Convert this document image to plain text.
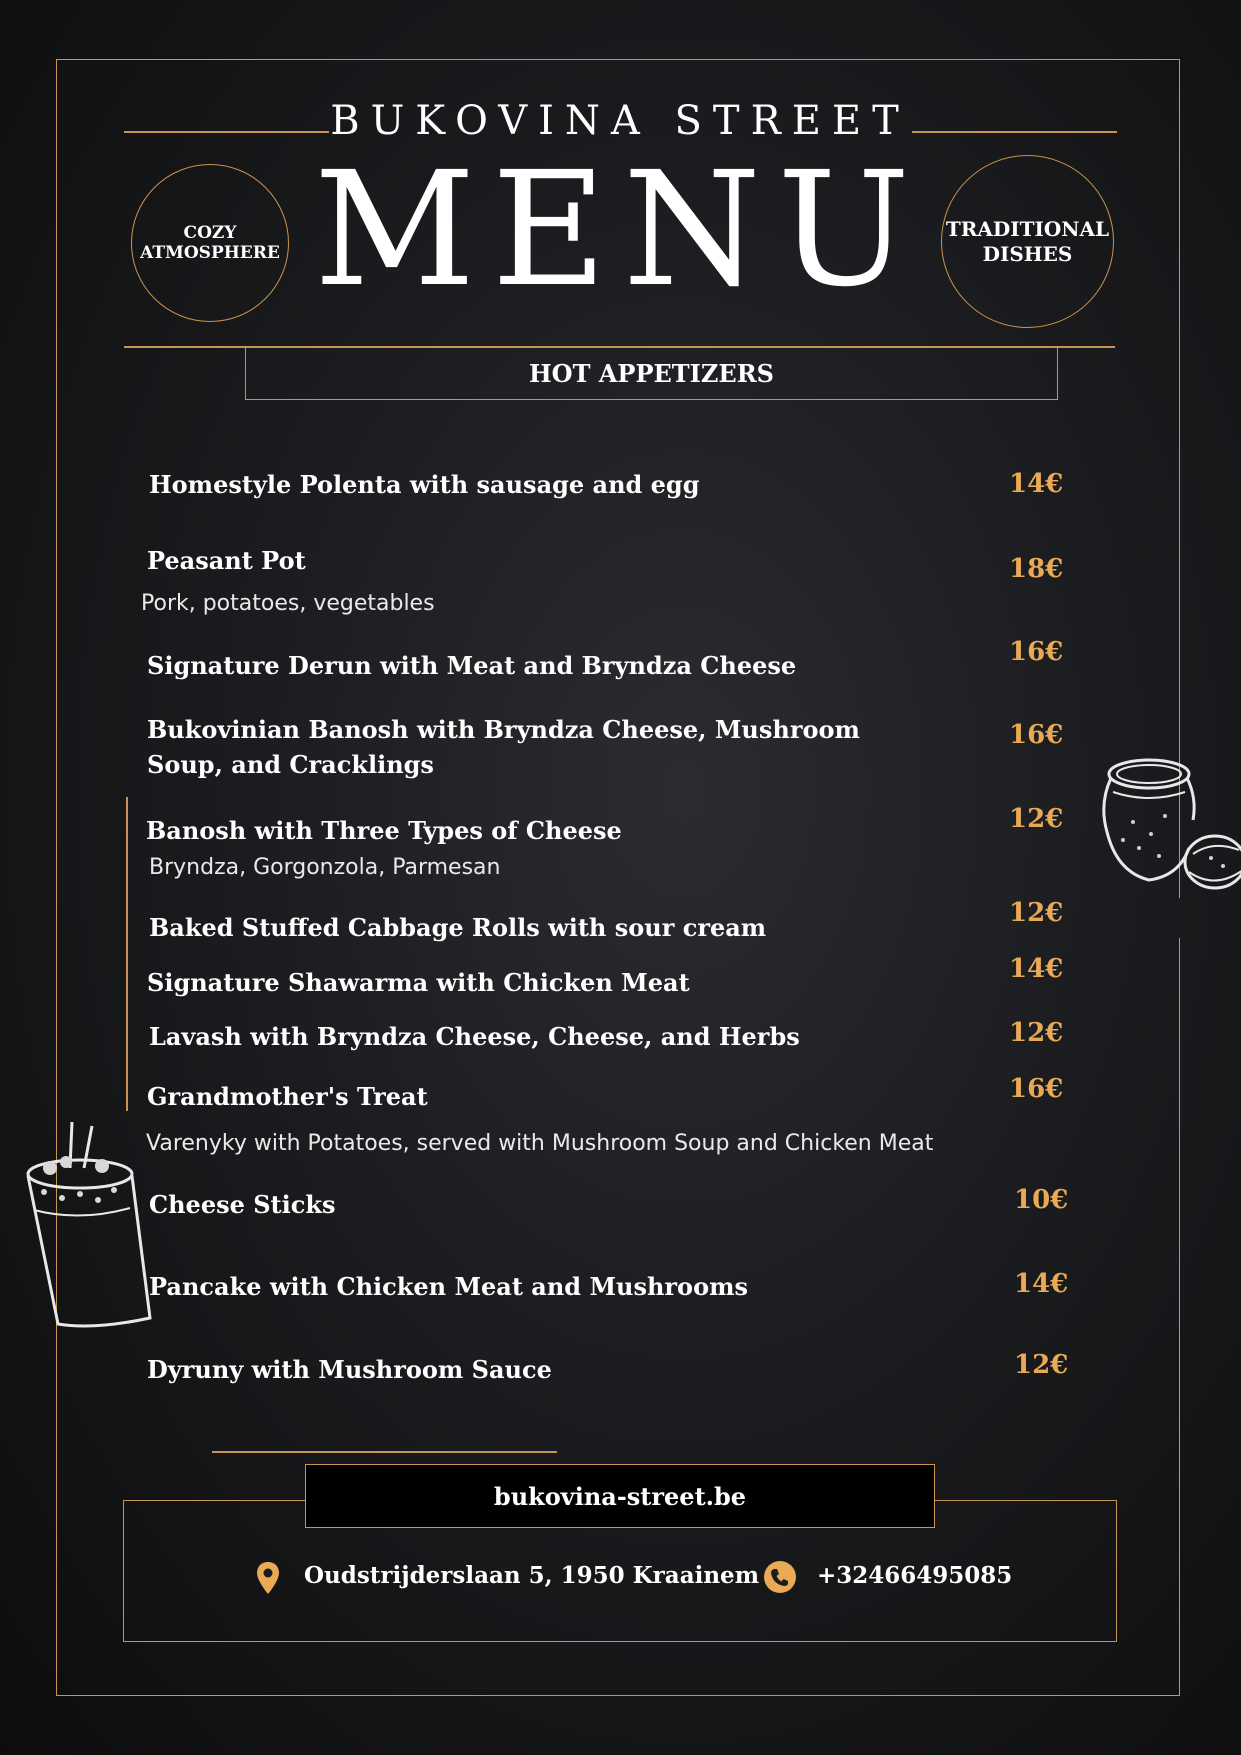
BUKOVINA STREET
MENU
COZY
ATMOSPHERE
TRADITIONAL
DISHES
HOT APPETIZERS
Homestyle Polenta with sausage and egg	14€
Peasant Pot
Pork, potatoes, vegetables
18€
Signature Derun with Meat and Bryndza Cheese	16€
Bukovinian Banosh with Bryndza Cheese, Mushroom
Soup, and Cracklings
16€
Banosh with Three Types of Cheese
Bryndza, Gorgonzola, Parmesan
12€
Baked Stuffed Cabbage Rolls with sour cream	12€
Signature Shawarma with Chicken Meat	14€
Lavash with Bryndza Cheese, Cheese, and Herbs	12€
Grandmother's Treat
Varenyky with Potatoes, served with Mushroom Soup and Chicken Meat
16€
Cheese Sticks	10€
Pancake with Chicken Meat and Mushrooms	14€
Dyruny with Mushroom Sauce	12€
bukovina-street.be
Oudstrijderslaan 5, 1950 Kraainem	+32466495085
